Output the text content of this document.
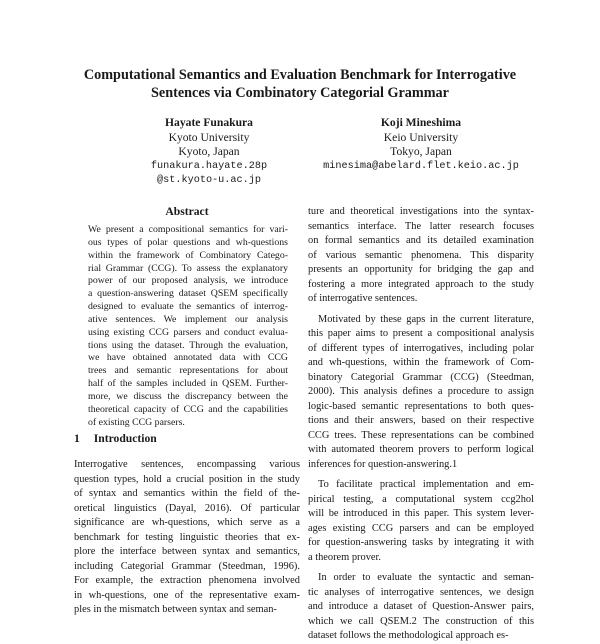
Computational Semantics and Evaluation Benchmark for Interrogative
Sentences via Combinatory Categorial Grammar
Hayate Funakura
Kyoto University
Kyoto, Japan
funakura.hayate.28p
@st.kyoto-u.ac.jp
Koji Mineshima
Keio University
Tokyo, Japan
minesima@abelard.flet.keio.ac.jp
Abstract
We present a compositional semantics for vari-
ous types of polar questions and wh-questions
within the framework of Combinatory Catego-
rial Grammar (CCG). To assess the explanatory
power of our proposed analysis, we introduce
a question-answering dataset QSEM specifically
designed to evaluate the semantics of interrog-
ative sentences. We implement our analysis
using existing CCG parsers and conduct evalua-
tions using the dataset. Through the evaluation,
we have obtained annotated data with CCG
trees and semantic representations for about
half of the samples included in QSEM. Further-
more, we discuss the discrepancy between the
theoretical capacity of CCG and the capabilities
of existing CCG parsers.
1 Introduction
Interrogative sentences, encompassing various
question types, hold a crucial position in the study
of syntax and semantics within the field of the-
oretical linguistics (Dayal, 2016). Of particular
significance are wh-questions, which serve as a
benchmark for testing linguistic theories that ex-
plore the interface between syntax and semantics,
including Categorial Grammar (Steedman, 1996).
For example, the extraction phenomena involved
in wh-questions, one of the representative exam-
ples in the mismatch between syntax and seman-
ture and theoretical investigations into the syntax-
semantics interface. The latter research focuses
on formal semantics and its detailed examination
of various semantic phenomena. This disparity
presents an opportunity for bridging the gap and
fostering a more integrated approach to the study
of interrogative sentences.
Motivated by these gaps in the current literature,
this paper aims to present a compositional analysis
of different types of interrogatives, including polar
and wh-questions, within the framework of Com-
binatory Categorial Grammar (CCG) (Steedman,
2000). This analysis defines a procedure to assign
logic-based semantic representations to both ques-
tions and their answers, based on their respective
CCG trees. These representations can be combined
with automated theorem provers to perform logical
inferences for question-answering.1
To facilitate practical implementation and em-
pirical testing, a computational system ccg2hol
will be introduced in this paper. This system lever-
ages existing CCG parsers and can be employed
for question-answering tasks by integrating it with
a theorem prover.
In order to evaluate the syntactic and seman-
tic analyses of interrogative sentences, we design
and introduce a dataset of Question-Answer pairs,
which we call QSEM.2 The construction of this
dataset follows the methodological approach es-
